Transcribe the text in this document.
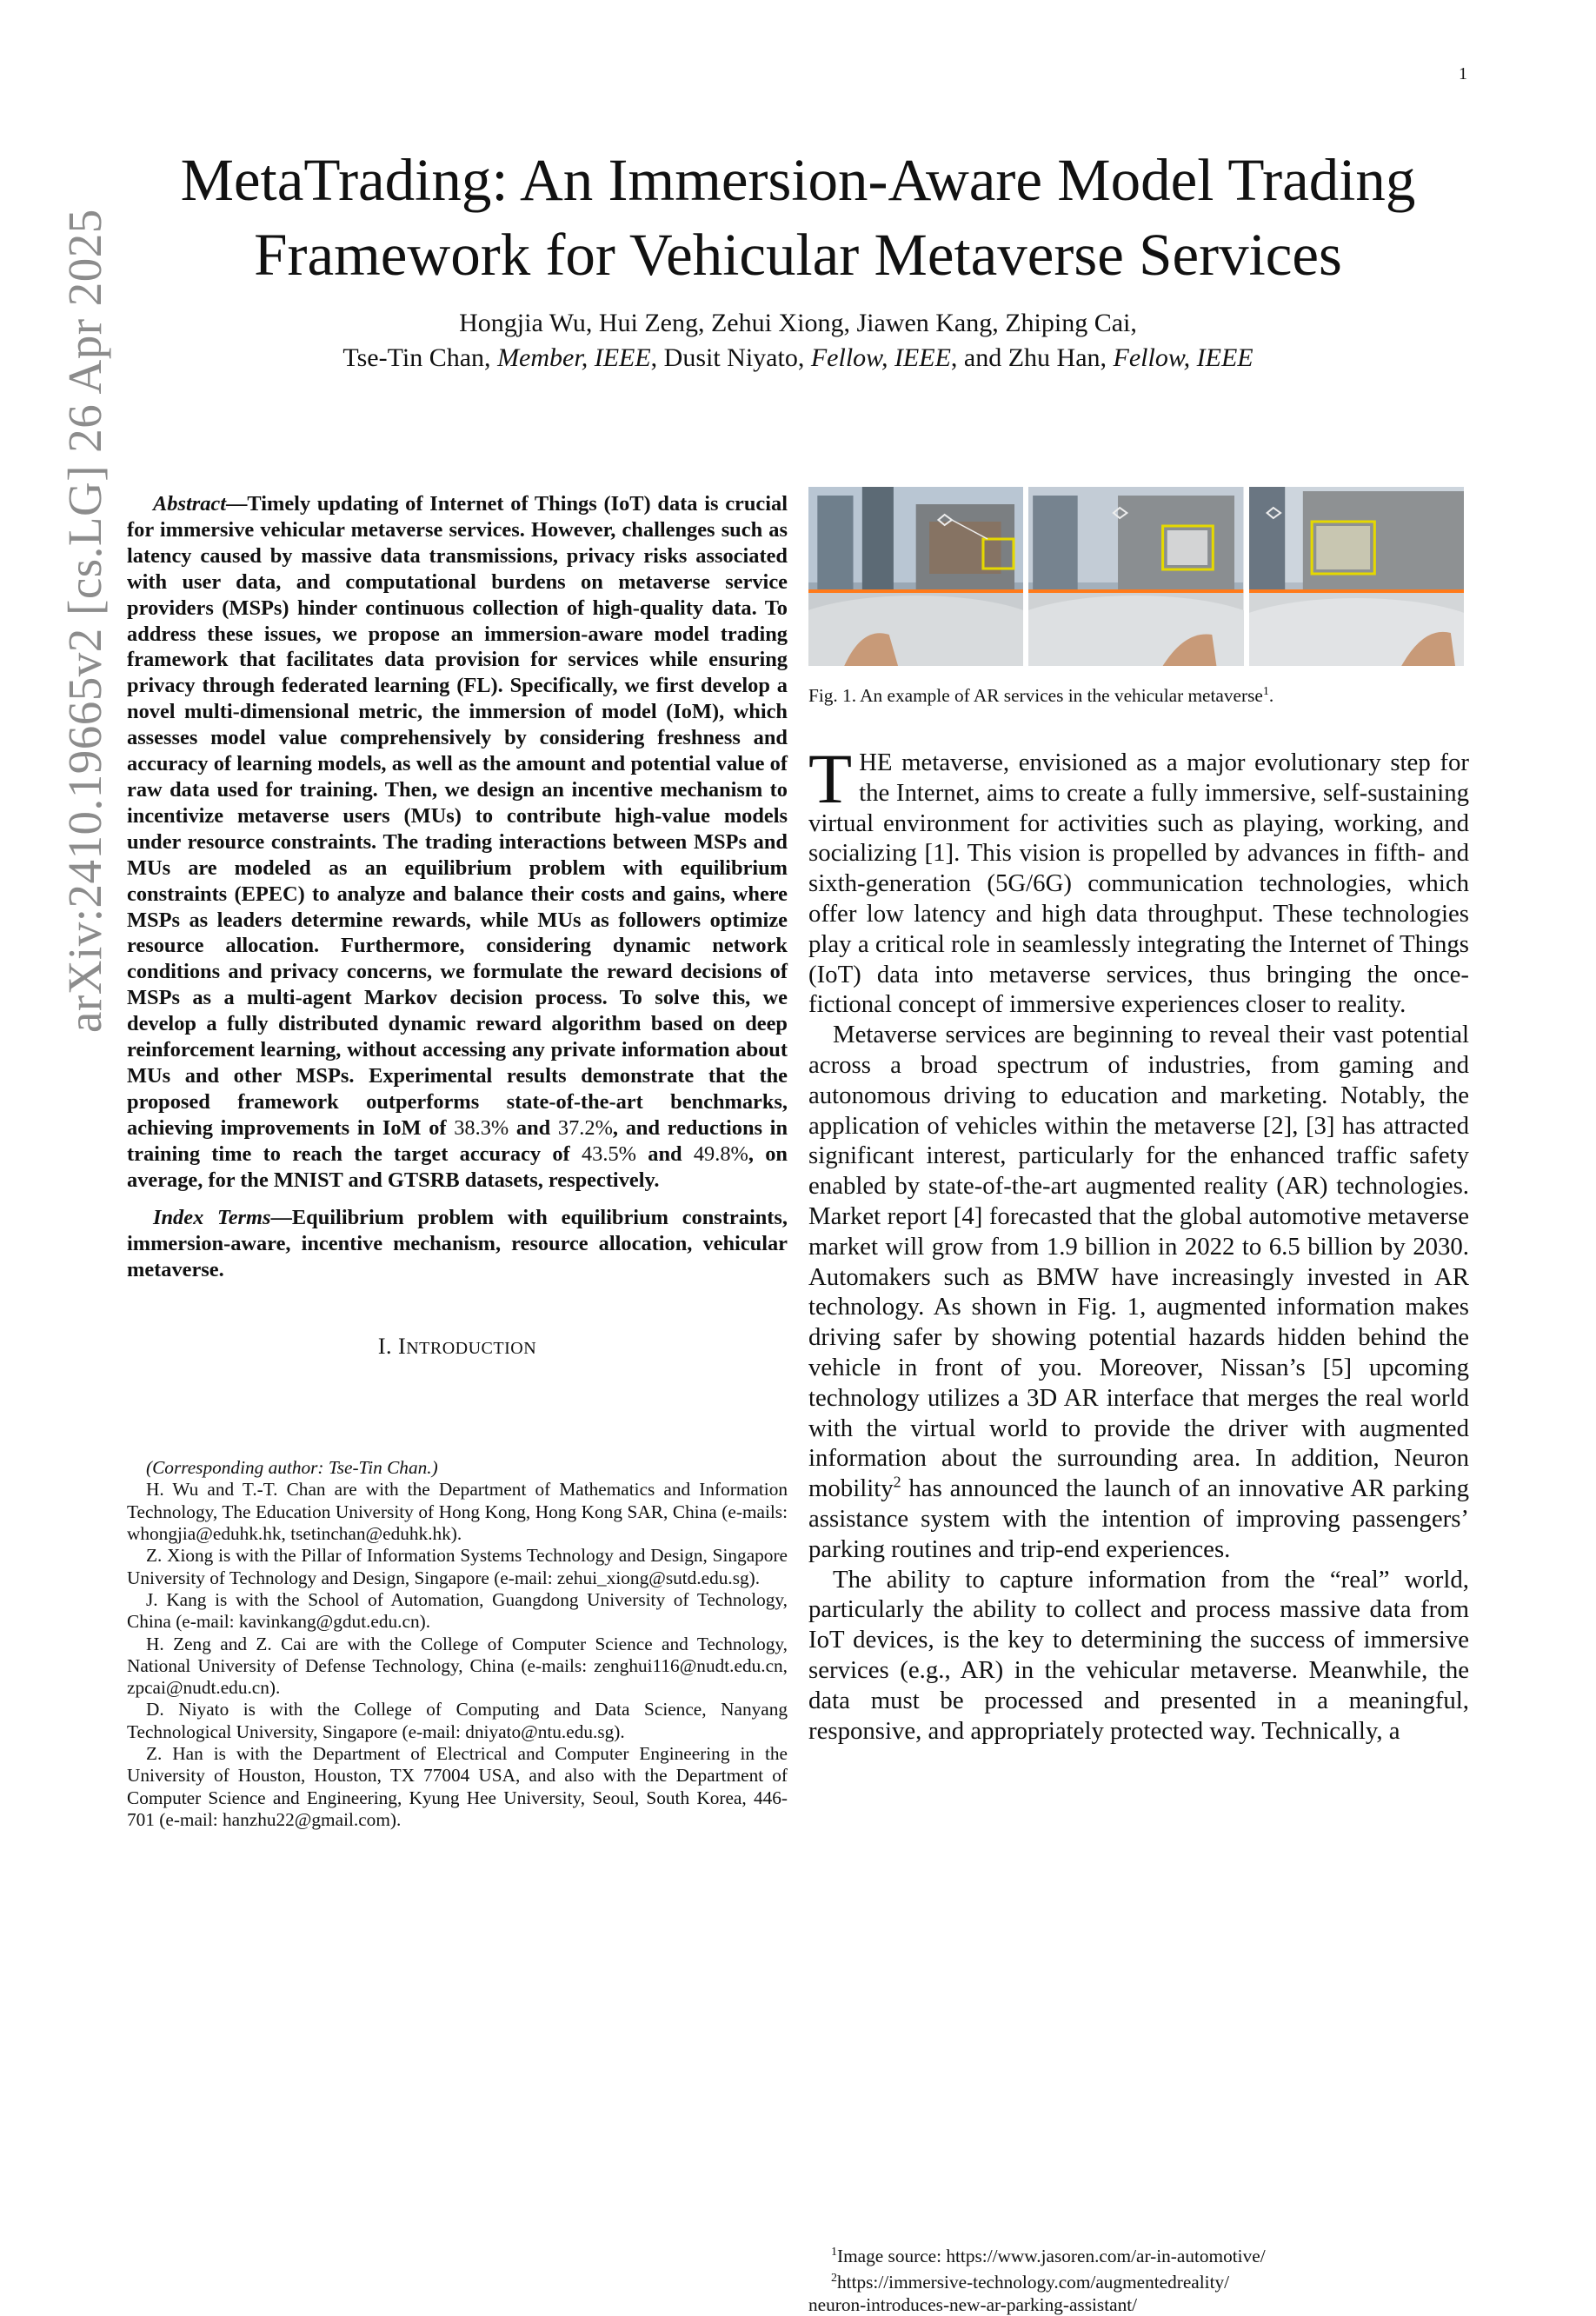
1
arXiv:2410.19665v2 [cs.LG] 26 Apr 2025
MetaTrading: An Immersion-Aware Model Trading
Framework for Vehicular Metaverse Services
Hongjia Wu, Hui Zeng, Zehui Xiong, Jiawen Kang, Zhiping Cai,
Tse-Tin Chan, Member, IEEE, Dusit Niyato, Fellow, IEEE, and Zhu Han, Fellow, IEEE

Abstract—Timely updating of Internet of Things (IoT) data is crucial for immersive vehicular metaverse services. However, challenges such as latency caused by massive data transmissions, privacy risks associated with user data, and computational burdens on metaverse service providers (MSPs) hinder continuous collection of high-quality data. To address these issues, we propose an immersion-aware model trading framework that facilitates data provision for services while ensuring privacy through federated learning (FL). Specifically, we first develop a novel multi-dimensional metric, the immersion of model (IoM), which assesses model value comprehensively by considering freshness and accuracy of learning models, as well as the amount and potential value of raw data used for training. Then, we design an incentive mechanism to incentivize metaverse users (MUs) to contribute high-value models under resource constraints. The trading interactions between MSPs and MUs are modeled as an equilibrium problem with equilibrium constraints (EPEC) to analyze and balance their costs and gains, where MSPs as leaders determine rewards, while MUs as followers optimize resource allocation. Furthermore, considering dynamic network conditions and privacy concerns, we formulate the reward decisions of MSPs as a multi-agent Markov decision process. To solve this, we develop a fully distributed dynamic reward algorithm based on deep reinforcement learning, without accessing any private information about MUs and other MSPs. Experimental results demonstrate that the proposed framework outperforms state-of-the-art benchmarks, achieving improvements in IoM of 38.3% and 37.2%, and reductions in training time to reach the target accuracy of 43.5% and 49.8%, on average, for the MNIST and GTSRB datasets, respectively.

Index Terms—Equilibrium problem with equilibrium constraints, immersion-aware, incentive mechanism, resource allocation, vehicular metaverse.

I. INTRODUCTION

(Corresponding author: Tse-Tin Chan.)

H. Wu and T.-T. Chan are with the Department of Mathematics and Information Technology, The Education University of Hong Kong, Hong Kong SAR, China (e-mails: whongjia@eduhk.hk, tsetinchan@eduhk.hk).

Z. Xiong is with the Pillar of Information Systems Technology and Design, Singapore University of Technology and Design, Singapore (e-mail: zehui_xiong@sutd.edu.sg).

J. Kang is with the School of Automation, Guangdong University of Technology, China (e-mail: kavinkang@gdut.edu.cn).

H. Zeng and Z. Cai are with the College of Computer Science and Technology, National University of Defense Technology, China (e-mails: zenghui116@nudt.edu.cn, zpcai@nudt.edu.cn).

D. Niyato is with the College of Computing and Data Science, Nanyang Technological University, Singapore (e-mail: dniyato@ntu.edu.sg).

Z. Han is with the Department of Electrical and Computer Engineering in the University of Houston, Houston, TX 77004 USA, and also with the Department of Computer Science and Engineering, Kyung Hee University, Seoul, South Korea, 446-701 (e-mail: hanzhu22@gmail.com).

Fig. 1. An example of AR services in the vehicular metaverse$^1$.

THE metaverse, envisioned as a major evolutionary step for the Internet, aims to create a fully immersive, self-sustaining virtual environment for activities such as playing, working, and socializing [1]. This vision is propelled by advances in fifth- and sixth-generation (5G/6G) communication technologies, which offer low latency and high data throughput. These technologies play a critical role in seamlessly integrating the Internet of Things (IoT) data into metaverse services, thus bringing the once-fictional concept of immersive experiences closer to reality.

Metaverse services are beginning to reveal their vast potential across a broad spectrum of industries, from gaming and autonomous driving to education and marketing. Notably, the application of vehicles within the metaverse [2], [3] has attracted significant interest, particularly for the enhanced traffic safety enabled by state-of-the-art augmented reality (AR) technologies. Market report [4] forecasted that the global automotive metaverse market will grow from 1.9 billion in 2022 to 6.5 billion by 2030. Automakers such as BMW have increasingly invested in AR technology. As shown in Fig. 1, augmented information makes driving safer by showing potential hazards hidden behind the vehicle in front of you. Moreover, Nissan’s [5] upcoming technology utilizes a 3D AR interface that merges the real world with the virtual world to provide the driver with augmented information about the surrounding area. In addition, Neuron mobility$^2$ has announced the launch of an innovative AR parking assistance system with the intention of improving passengers’ parking routines and trip-end experiences.

The ability to capture information from the “real” world, particularly the ability to collect and process massive data from IoT devices, is the key to determining the success of immersive services (e.g., AR) in the vehicular metaverse. Meanwhile, the data must be processed and presented in a meaningful, responsive, and appropriately protected way. Technically, a

$^1$Image source: https://www.jasoren.com/ar-in-automotive/

$^2$https://immersive-technology.com/augmentedreality/

neuron-introduces-new-ar-parking-assistant/
